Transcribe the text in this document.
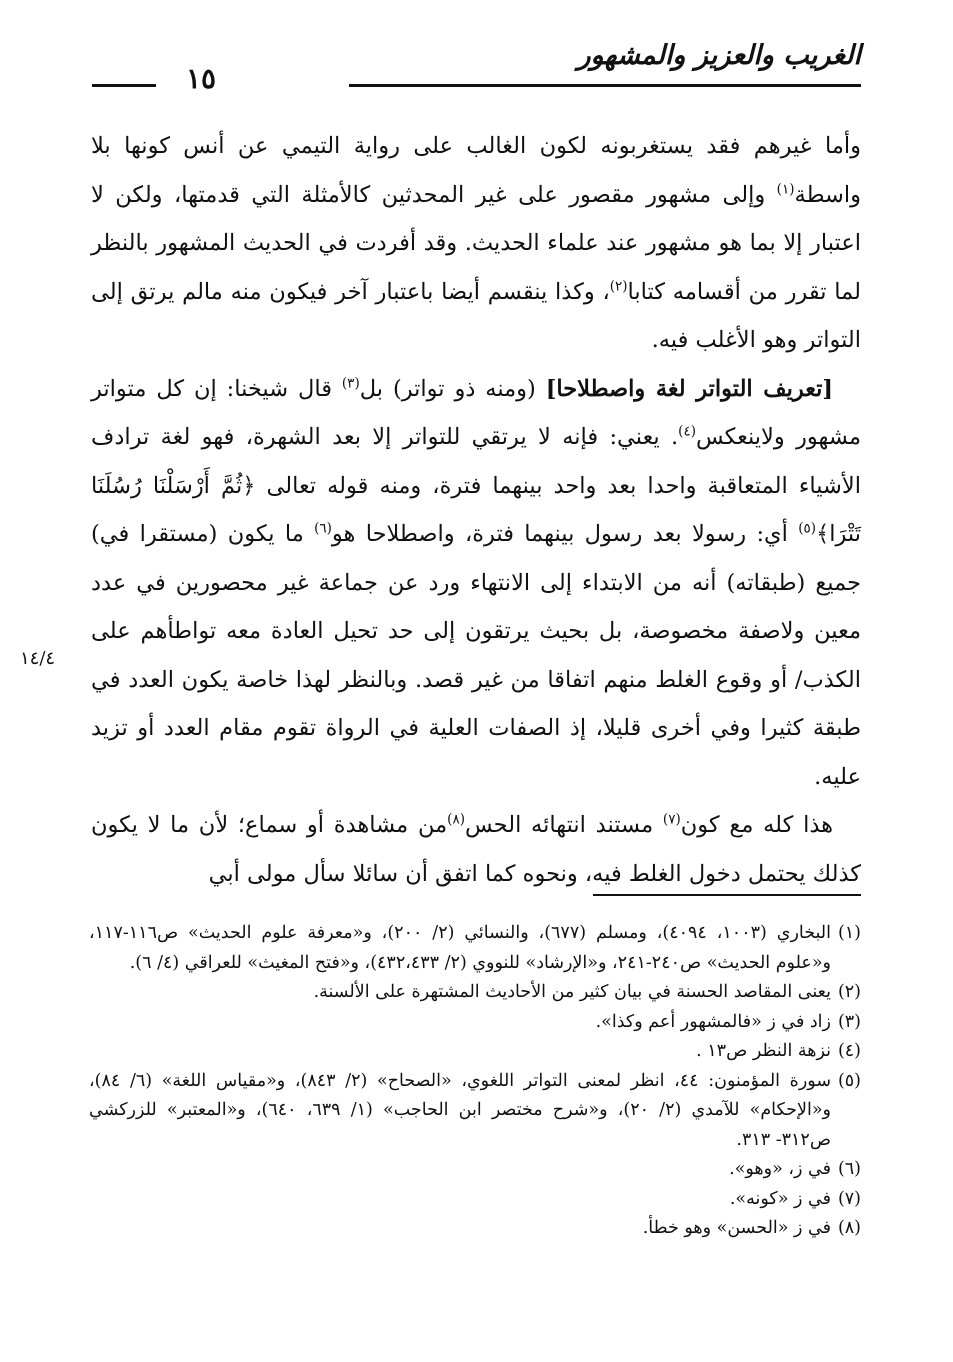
الغريب والعزيز والمشهور
١٥
١٤/٤

وأما غيرهم فقد يستغربونه لكون الغالب على رواية التيمي عن أنس كونها بلا واسطة$^{(١)}$ وإلى مشهور مقصور على غير المحدثين كالأمثلة التي قدمتها، ولكن لا اعتبار إلا بما هو مشهور عند علماء الحديث. وقد أفردت في الحديث المشهور بالنظر لما تقرر من أقسامه كتابا$^{(٢)}$، وكذا ينقسم أيضا باعتبار آخر فيكون منه مالم يرتق إلى التواتر وهو الأغلب فيه.

[تعريف التواتر لغة واصطلاحا] (ومنه ذو تواتر) بل$^{(٣)}$ قال شيخنا: إن كل متواتر مشهور ولاينعكس$^{(٤)}$. يعني: فإنه لا يرتقي للتواتر إلا بعد الشهرة، فهو لغة ترادف الأشياء المتعاقبة واحدا بعد واحد بينهما فترة، ومنه قوله تعالى ﴿ثُمَّ أَرْسَلْنَا رُسُلَنَا تَتْرَا﴾$^{(٥)}$ أي: رسولا بعد رسول بينهما فترة، واصطلاحا هو$^{(٦)}$ ما يكون (مستقرا في) جميع (طبقاته) أنه من الابتداء إلى الانتهاء ورد عن جماعة غير محصورين في عدد معين ولاصفة مخصوصة، بل بحيث يرتقون إلى حد تحيل العادة معه تواطأهم على الكذب/ أو وقوع الغلط منهم اتفاقا من غير قصد. وبالنظر لهذا خاصة يكون العدد في طبقة كثيرا وفي أخرى قليلا، إذ الصفات العلية في الرواة تقوم مقام العدد أو تزيد عليه.

هذا كله مع كون$^{(٧)}$ مستند انتهائه الحس$^{(٨)}$من مشاهدة أو سماع؛ لأن ما لا يكون كذلك يحتمل دخول الغلط فيه، ونحوه كما اتفق أن سائلا سأل مولى أبي

(١)
البخاري (١٠٠٣، ٤٠٩٤)، ومسلم (٦٧٧)، والنسائي (٢/ ٢٠٠)، و«معرفة علوم الحديث» ص١١٦-١١٧، و«علوم الحديث» ص٢٤٠-٢٤١، و«الإرشاد» للنووي (٢/ ٤٣٢،٤٣٣)، و«فتح المغيث» للعراقي (٤/ ٦).
(٢)
يعنى المقاصد الحسنة في بيان كثير من الأحاديث المشتهرة على الألسنة.
(٣)
زاد في ز «فالمشهور أعم وكذا».
(٤)
نزهة النظر ص١٣ .
(٥)
سورة المؤمنون: ٤٤، انظر لمعنى التواتر اللغوي، «الصحاح» (٢/ ٨٤٣)، و«مقياس اللغة» (٦/ ٨٤)، و«الإحكام» للآمدي (٢/ ٢٠)، و«شرح مختصر ابن الحاجب» (١/ ٦٣٩، ٦٤٠)، و«المعتبر» للزركشي ص٣١٢- ٣١٣.
(٦)
في ز، «وهو».
(٧)
في ز «كونه».
(٨)
في ز «الحسن» وهو خطأ.
